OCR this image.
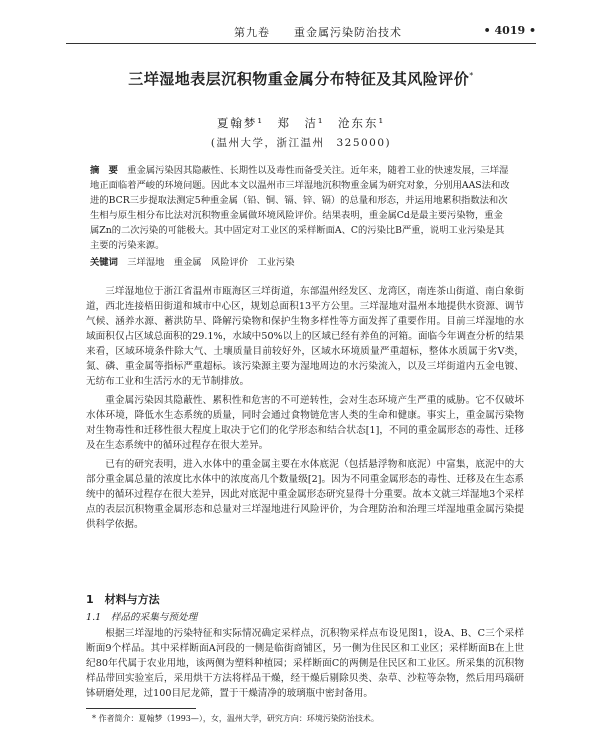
第九卷　　重金属污染防治技术	• 4019 •
三垟湿地表层沉积物重金属分布特征及其风险评价*
夏翰梦¹　郑　洁¹　沧东东¹
(温州大学，浙江温州　325000)
摘　要　 重金属污染因其隐蔽性、长期性以及毒性而备受关注。近年来，随着工业的快速发展，三垟湿地正面临着严峻的环境问题。因此本文以温州市三垟湿地沉积物重金属为研究对象，分别用AAS法和改进的BCR三步提取法测定5种重金属（铅、铜、镉、锌、镉）的总量和形态，并运用地累积指数法和次生相与原生相分布比法对沉积物重金属做环境风险评价。结果表明，重金属Cd是最主要污染物，重金属Zn的二次污染的可能极大。其中固定对工业区的采样断面A、C的污染比B严重，说明工业污染是其主要的污染来源。
关键词　 三垟湿地　重金属　风险评价　工业污染

三垟湿地位于浙江省温州市瓯海区三垟街道，东部温州经发区、龙湾区，南连茶山街道、南白象街道，西北连接梧田街道和城市中心区，规划总面积13平方公里。三垟湿地对温州本地提供水资源、调节气候、涵养水源、蓄洪防旱、降解污染物和保护生物多样性等方面发挥了重要作用。目前三垟湿地的水域面积仅占区域总面积的29.1%，水域中50%以上的区域已经有养鱼的河箱。面临今年调查分析的结果来看，区域环境条件除大气、土壤质量目前较好外，区域水环境质量严重超标，整体水质属于劣V类，氮、磷、重金属等指标严重超标。该污染源主要为湿地周边的水污染流入，以及三垟街道内五金电镀、无纺布工业和生活污水的无节制排放。

重金属污染因其隐蔽性、累积性和危害的不可逆转性，会对生态环境产生严重的威胁。它不仅破坏水体环境，降低水生态系统的质量，同时会通过食物链危害人类的生命和健康。事实上，重金属污染物对生物毒性和迁移性很大程度上取决于它们的化学形态和结合状态[1]，不同的重金属形态的毒性、迁移及在生态系统中的循环过程存在很大差异。

已有的研究表明，进入水体中的重金属主要在水体底泥（包括悬浮物和底泥）中富集，底泥中的大部分重金属总量的浓度比水体中的浓度高几个数量级[2]。因为不同重金属形态的毒性、迁移及在生态系统中的循环过程存在很大差异，因此对底泥中重金属形态研究显得十分重要。故本文就三垟湿地3个采样点的表层沉积物重金属形态和总量对三垟湿地进行风险评价，为合理防治和治理三垟湿地重金属污染提供科学依据。

1　材料与方法
1.1　样品的采集与预处理

根据三垟湿地的污染特征和实际情况确定采样点，沉积物采样点布设见图1，设A、B、C三个采样断面9个样品。其中采样断面A河段的一侧是临街商铺区，另一侧为住民区和工业区；采样断面B在上世纪80年代属于农业用地，该两侧为塑料种植园；采样断面C的两侧是住民区和工业区。所采集的沉积物样品带回实验室后，采用烘干方法将样品干燥，经干燥后剔除贝类、杂草、沙粒等杂物，然后用玛瑙研钵研磨处理，过100目尼龙筛，置于干燥清净的玻璃瓶中密封备用。

* 作者简介：夏翰梦（1993—），女，温州大学，研究方向：环境污染防治技术。
